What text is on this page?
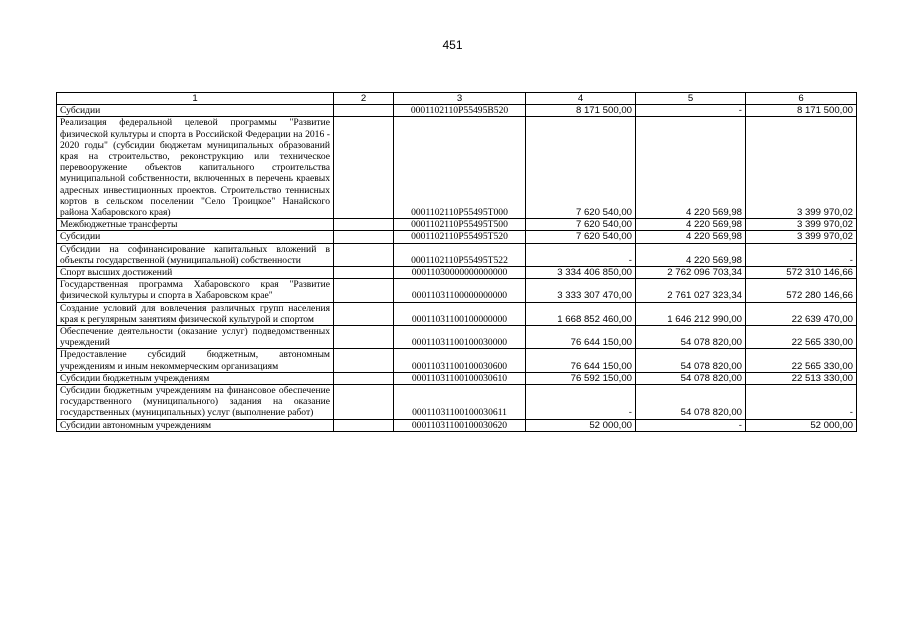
451
1	2	3	4	5	6
Субсидии		0001102110P55495B520	8 171 500,00	-	8 171 500,00
Реализация федеральной целевой программы "Развитие физической культуры и спорта в Российской Федерации на 2016 - 2020 годы" (субсидии бюджетам муниципальных образований края на строительство, реконструкцию или техническое перевооружение объектов капитального строительства муниципальной собственности, включенных в перечень краевых адресных инвестиционных проектов. Строительство теннисных кортов в сельском поселении "Село Троицкое" Нанайского района Хабаровского края)		0001102110P55495T000	7 620 540,00	4 220 569,98	3 399 970,02
Межбюджетные трансферты		0001102110P55495T500	7 620 540,00	4 220 569,98	3 399 970,02
Субсидии		0001102110P55495T520	7 620 540,00	4 220 569,98	3 399 970,02
Субсидии на софинансирование капитальных вложений в объекты государственной (муниципальной) собственности		0001102110P55495T522	-	4 220 569,98	-
Спорт высших достижений		00011030000000000000	3 334 406 850,00	2 762 096 703,34	572 310 146,66
Государственная программа Хабаровского края "Развитие физической культуры и спорта в Хабаровском крае"		00011031100000000000	3 333 307 470,00	2 761 027 323,34	572 280 146,66
Создание условий для вовлечения различных групп населения края к регулярным занятиям физической культурой и спортом		00011031100100000000	1 668 852 460,00	1 646 212 990,00	22 639 470,00
Обеспечение деятельности (оказание услуг) подведомственных учреждений		00011031100100030000	76 644 150,00	54 078 820,00	22 565 330,00
Предоставление субсидий бюджетным, автономным учреждениям и иным некоммерческим организациям		00011031100100030600	76 644 150,00	54 078 820,00	22 565 330,00
Субсидии бюджетным учреждениям		00011031100100030610	76 592 150,00	54 078 820,00	22 513 330,00
Субсидии бюджетным учреждениям на финансовое обеспечение государственного (муниципального) задания на оказание государственных (муниципальных) услуг (выполнение работ)		00011031100100030611	-	54 078 820,00	-
Субсидии автономным учреждениям		00011031100100030620	52 000,00	-	52 000,00
